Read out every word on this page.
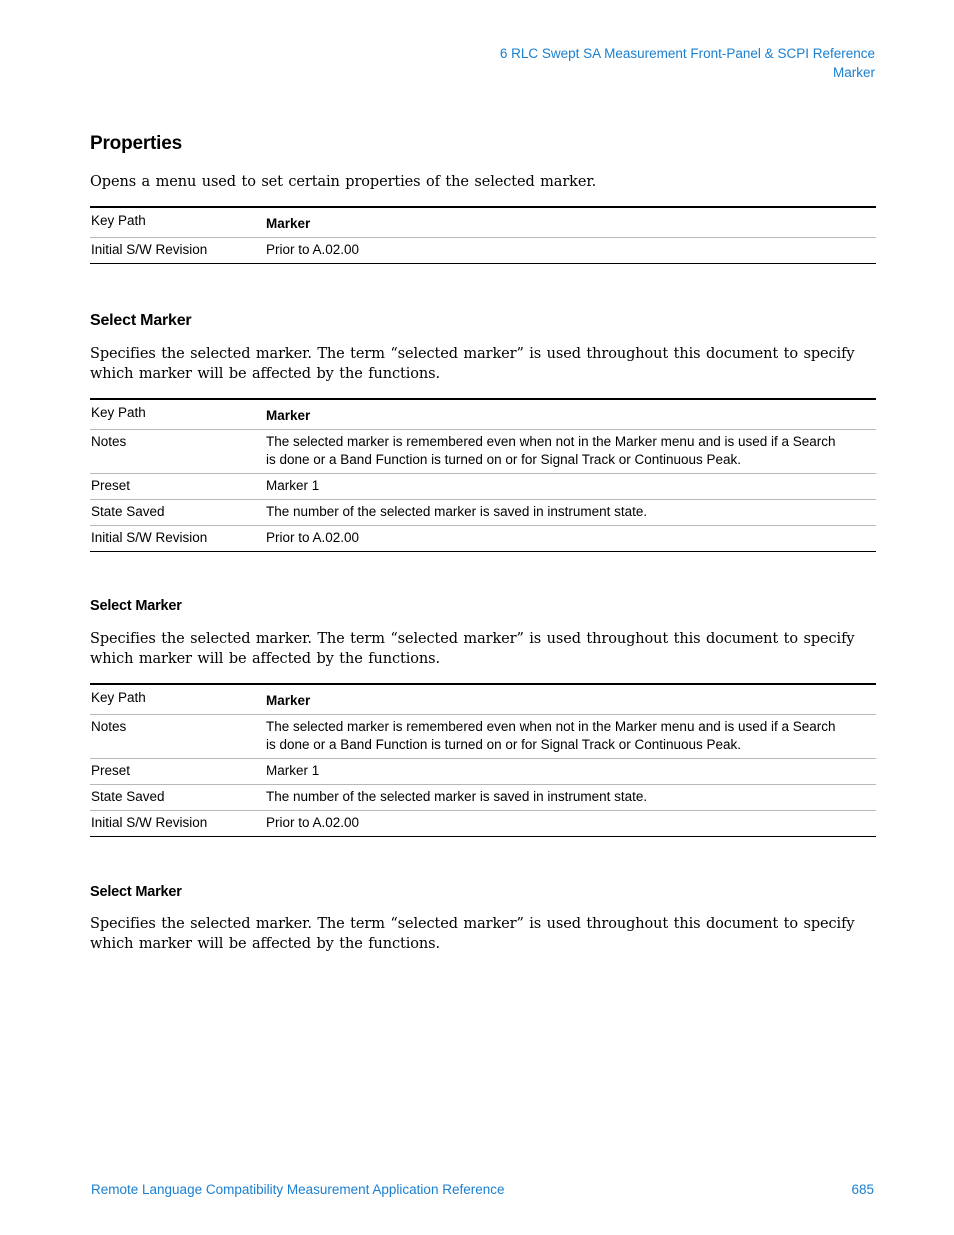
6 RLC Swept SA Measurement Front-Panel & SCPI Reference
Marker
Properties

Opens a menu used to set certain properties of the selected marker.

Key Path	Marker

Initial S/W Revision	Prior to A.02.00
Select Marker

Specifies the selected marker. The term “selected marker” is used throughout this document to specify which marker will be affected by the functions.

Key Path	Marker

Notes	The selected marker is remembered even when not in the Marker menu and is used if a Search is done or a Band Function is turned on or for Signal Track or Continuous Peak.

Preset	Marker 1

State Saved	The number of the selected marker is saved in instrument state.

Initial S/W Revision	Prior to A.02.00
Select Marker

Specifies the selected marker. The term “selected marker” is used throughout this document to specify which marker will be affected by the functions.

Key Path	Marker

Notes	The selected marker is remembered even when not in the Marker menu and is used if a Search is done or a Band Function is turned on or for Signal Track or Continuous Peak.

Preset	Marker 1

State Saved	The number of the selected marker is saved in instrument state.

Initial S/W Revision	Prior to A.02.00
Select Marker

Specifies the selected marker. The term “selected marker” is used throughout this document to specify which marker will be affected by the functions.

Remote Language Compatibility Measurement Application Reference	685
